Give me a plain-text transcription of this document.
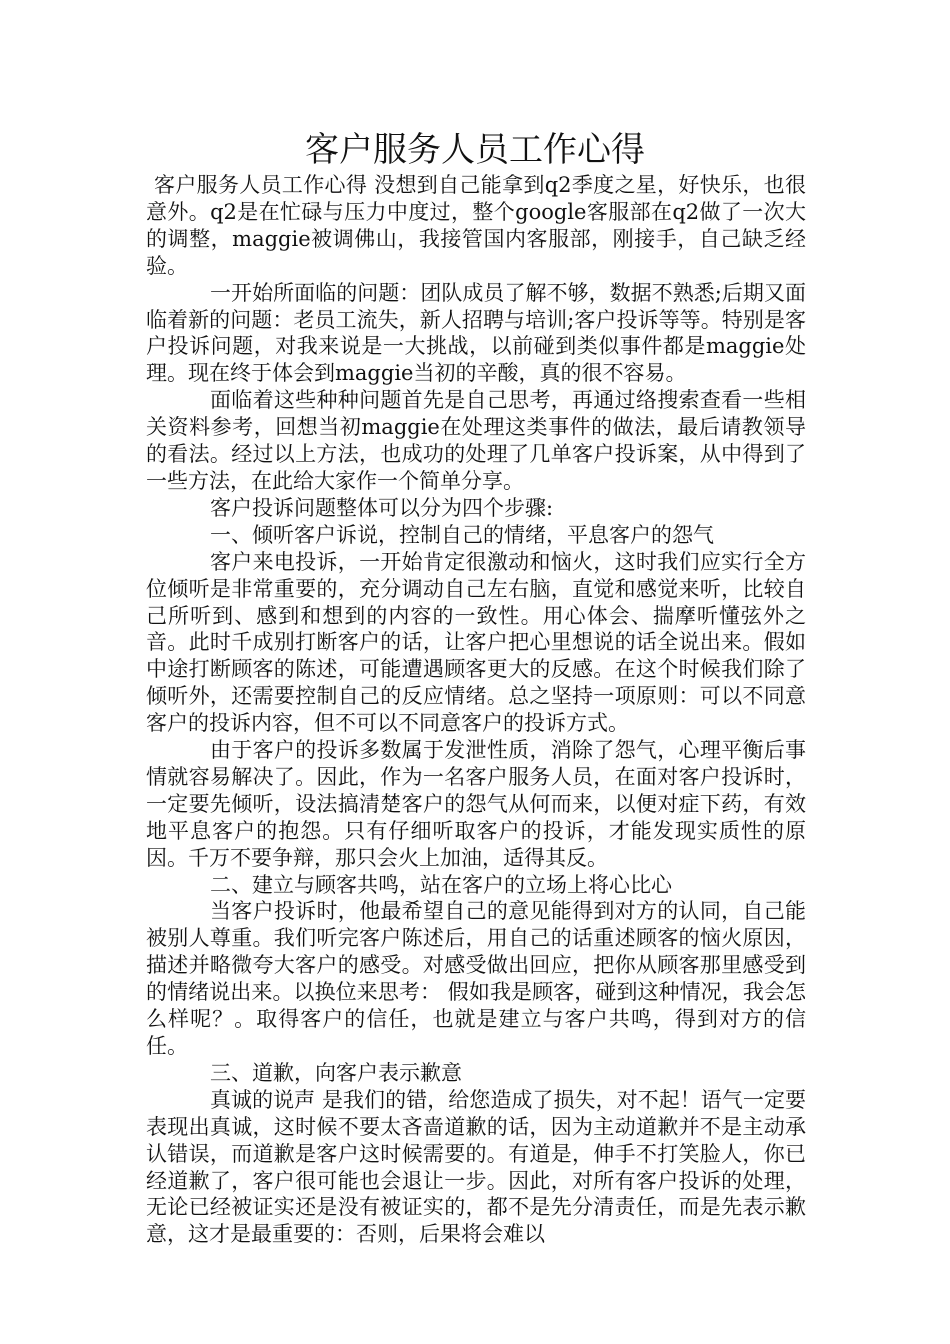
客户服务人员工作心得

客户服务人员工作心得 没想到自己能拿到q2季度之星，好快乐，也很意外。q2是在忙碌与压力中度过，整个google客服部在q2做了一次大的调整，maggie被调佛山，我接管国内客服部，刚接手，自己缺乏经验。

一开始所面临的问题：团队成员了解不够，数据不熟悉;后期又面临着新的问题：老员工流失，新人招聘与培训;客户投诉等等。特别是客户投诉问题，对我来说是一大挑战，以前碰到类似事件都是maggie处理。现在终于体会到maggie当初的辛酸，真的很不容易。

面临着这些种种问题首先是自己思考，再通过络搜索查看一些相关资料参考，回想当初maggie在处理这类事件的做法，最后请教领导的看法。经过以上方法，也成功的处理了几单客户投诉案，从中得到了一些方法，在此给大家作一个简单分享。

客户投诉问题整体可以分为四个步骤:

一、倾听客户诉说，控制自己的情绪，平息客户的怨气

客户来电投诉，一开始肯定很激动和恼火，这时我们应实行全方位倾听是非常重要的，充分调动自己左右脑，直觉和感觉来听，比较自己所听到、感到和想到的内容的一致性。用心体会、揣摩听懂弦外之音。此时千成别打断客户的话，让客户把心里想说的话全说出来。假如中途打断顾客的陈述，可能遭遇顾客更大的反感。在这个时候我们除了倾听外，还需要控制自己的反应情绪。总之坚持一项原则：可以不同意客户的投诉内容，但不可以不同意客户的投诉方式。

由于客户的投诉多数属于发泄性质，消除了怨气，心理平衡后事情就容易解决了。因此，作为一名客户服务人员，在面对客户投诉时，一定要先倾听，设法搞清楚客户的怨气从何而来，以便对症下药，有效地平息客户的抱怨。只有仔细听取客户的投诉，才能发现实质性的原因。千万不要争辩，那只会火上加油，适得其反。

二、建立与顾客共鸣，站在客户的立场上将心比心

当客户投诉时，他最希望自己的意见能得到对方的认同，自己能被别人尊重。我们听完客户陈述后，用自己的话重述顾客的恼火原因，描述并略微夸大客户的感受。对感受做出回应，把你从顾客那里感受到的情绪说出来。以换位来思考： 假如我是顾客，碰到这种情况，我会怎么样呢？。取得客户的信任，也就是建立与客户共鸣，得到对方的信任。

三、道歉，向客户表示歉意

真诚的说声 是我们的错，给您造成了损失，对不起！语气一定要表现出真诚，这时候不要太吝啬道歉的话，因为主动道歉并不是主动承认错误，而道歉是客户这时候需要的。有道是，伸手不打笑脸人，你已经道歉了，客户很可能也会退让一步。因此，对所有客户投诉的处理，无论已经被证实还是没有被证实的，都不是先分清责任，而是先表示歉意，这才是最重要的：否则，后果将会难以
